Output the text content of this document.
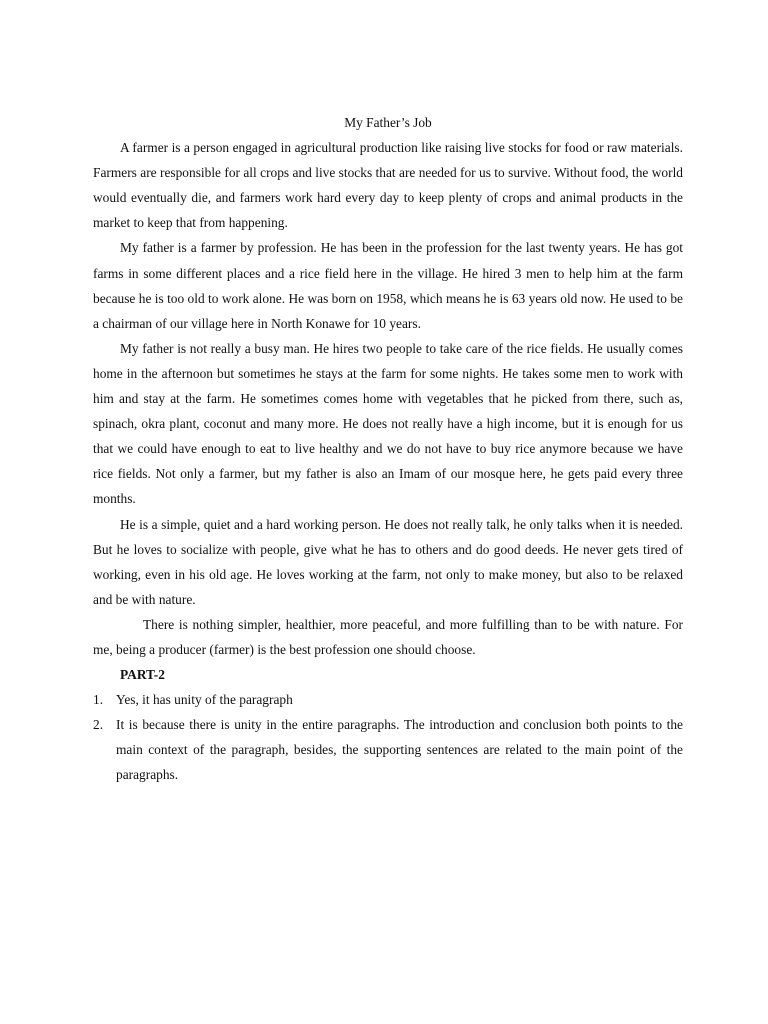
My Father’s Job

A farmer is a person engaged in agricultural production like raising live stocks for food or raw materials. Farmers are responsible for all crops and live stocks that are needed for us to survive. Without food, the world would eventually die, and farmers work hard every day to keep plenty of crops and animal products in the market to keep that from happening.

My father is a farmer by profession. He has been in the profession for the last twenty years. He has got farms in some different places and a rice field here in the village. He hired 3 men to help him at the farm because he is too old to work alone. He was born on 1958, which means he is 63 years old now. He used to be a chairman of our village here in North Konawe for 10 years.

My father is not really a busy man. He hires two people to take care of the rice fields. He usually comes home in the afternoon but sometimes he stays at the farm for some nights. He takes some men to work with him and stay at the farm. He sometimes comes home with vegetables that he picked from there, such as, spinach, okra plant, coconut and many more. He does not really have a high income, but it is enough for us that we could have enough to eat to live healthy and we do not have to buy rice anymore because we have rice fields. Not only a farmer, but my father is also an Imam of our mosque here, he gets paid every three months.

He is a simple, quiet and a hard working person. He does not really talk, he only talks when it is needed. But he loves to socialize with people, give what he has to others and do good deeds. He never gets tired of working, even in his old age. He loves working at the farm, not only to make money, but also to be relaxed and be with nature.

There is nothing simpler, healthier, more peaceful, and more fulfilling than to be with nature. For me, being a producer (farmer) is the best profession one should choose.

PART-2

1. Yes, it has unity of the paragraph
2. It is because there is unity in the entire paragraphs. The introduction and conclusion both points to the main context of the paragraph, besides, the supporting sentences are related to the main point of the paragraphs.
